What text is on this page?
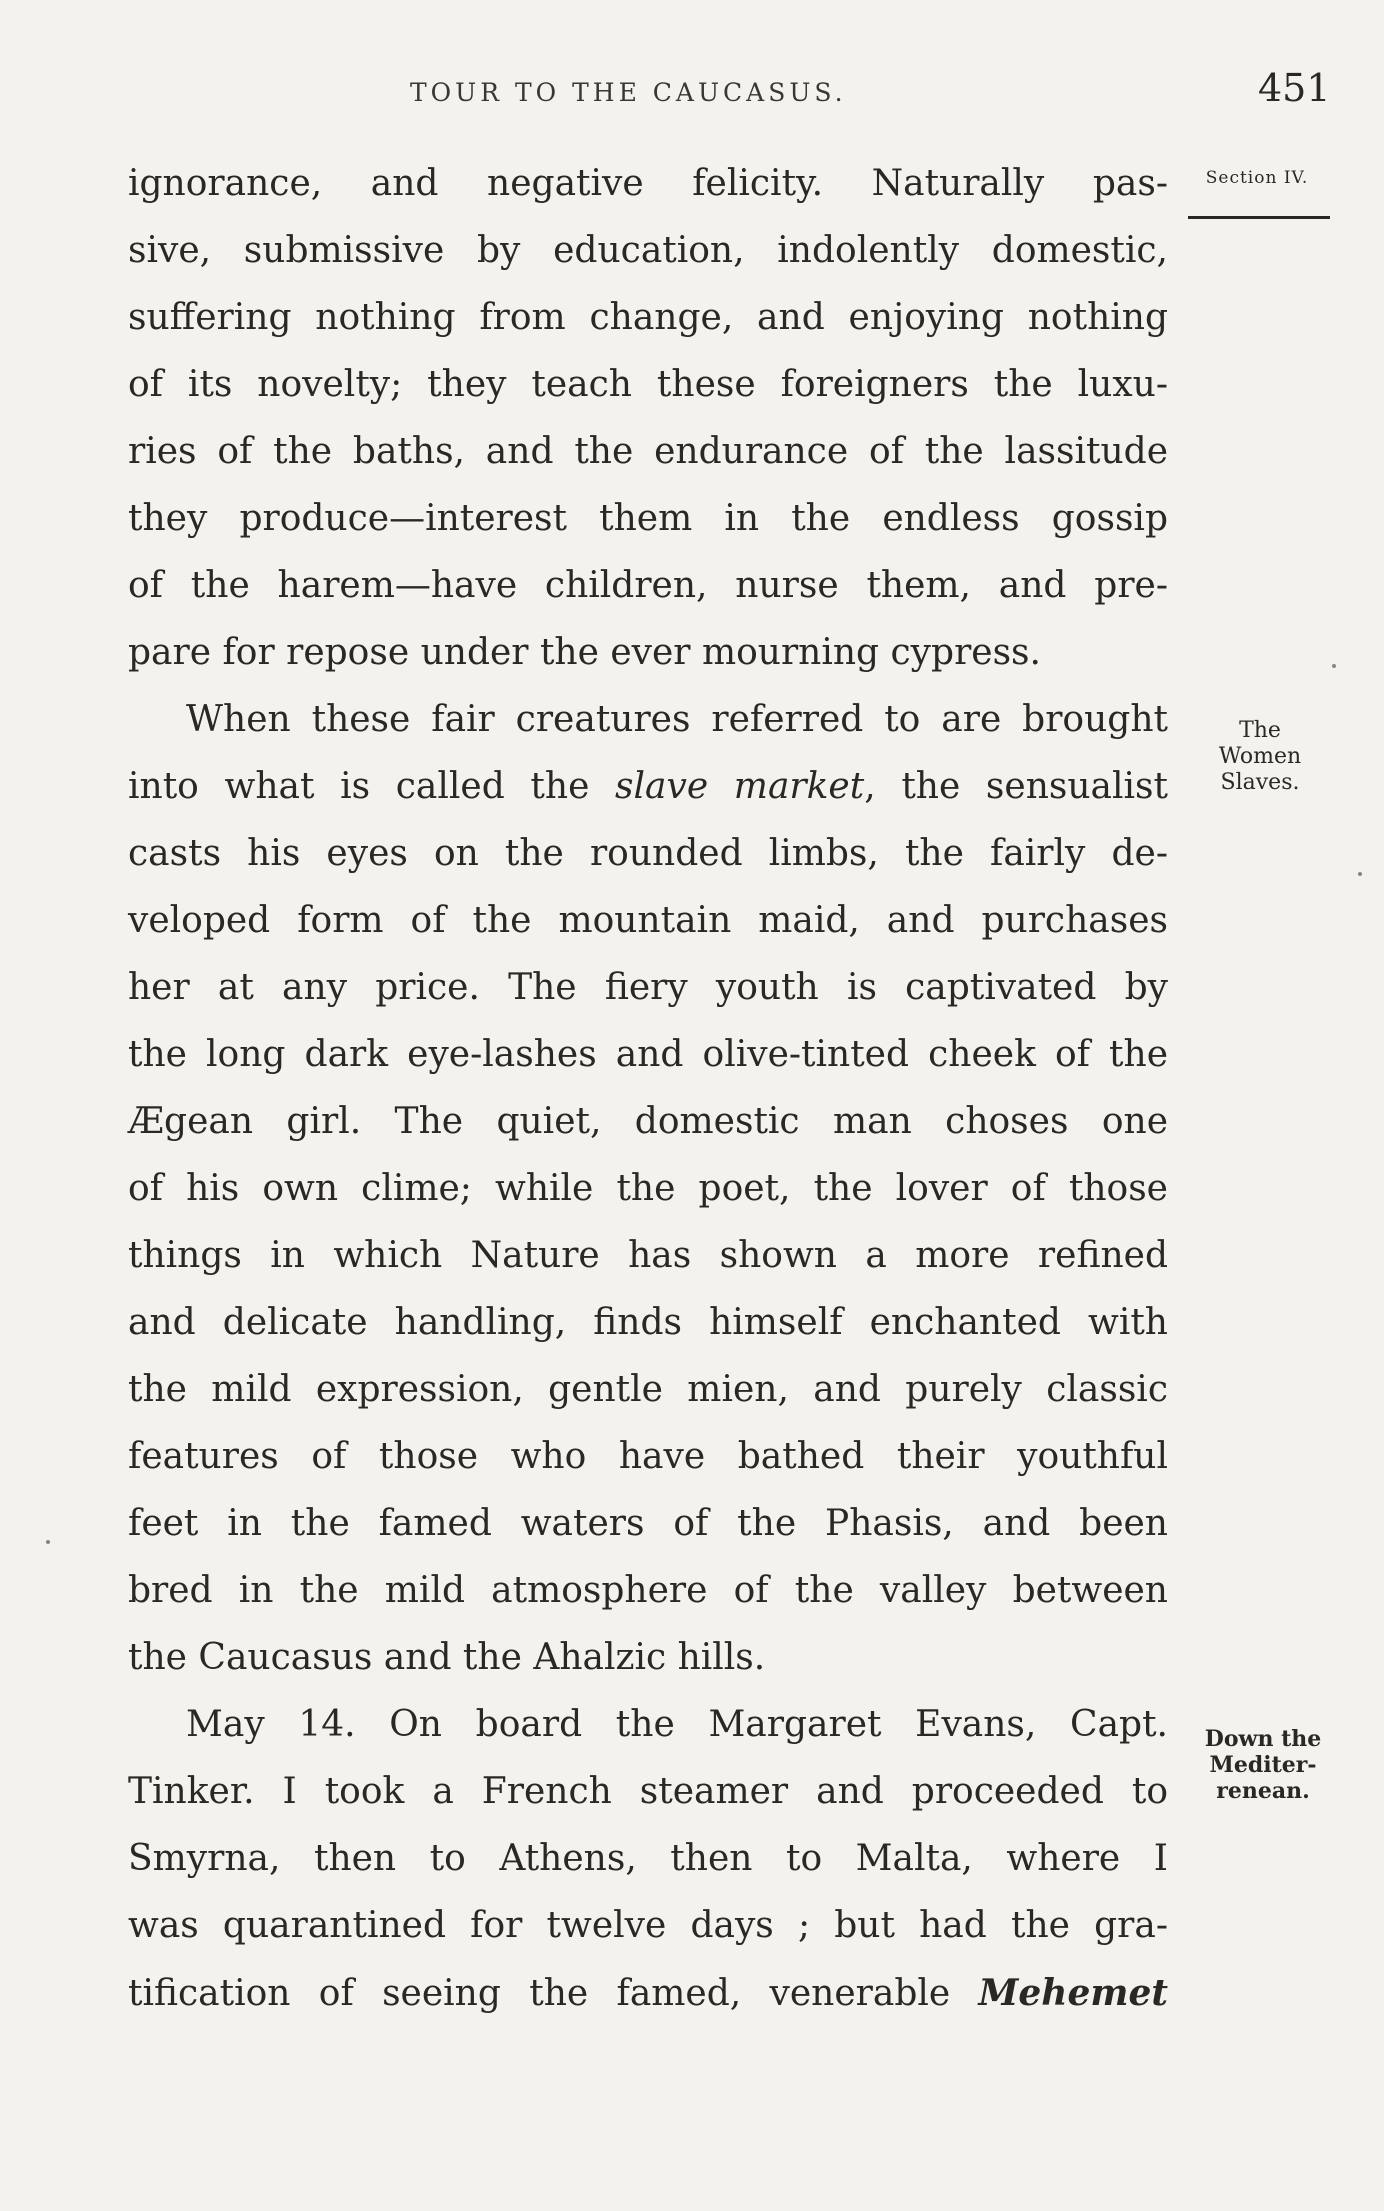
TOUR TO THE CAUCASUS.	451
Section IV.
The
Women
Slaves.
Down the
Mediter-
renean.
ignorance, and negative felicity. Naturally pas-
sive, submissive by education, indolently domestic,
suffering nothing from change, and enjoying nothing
of its novelty; they teach these foreigners the luxu-
ries of the baths, and the endurance of the lassitude
they produce—interest them in the endless gossip
of the harem—have children, nurse them, and pre-
pare for repose under the ever mourning cypress.
When these fair creatures referred to are brought
into what is called the slave market, the sensualist
casts his eyes on the rounded limbs, the fairly de-
veloped form of the mountain maid, and purchases
her at any price. The fiery youth is captivated by
the long dark eye-lashes and olive-tinted cheek of the
Ægean girl. The quiet, domestic man choses one
of his own clime; while the poet, the lover of those
things in which Nature has shown a more refined
and delicate handling, finds himself enchanted with
the mild expression, gentle mien, and purely classic
features of those who have bathed their youthful
feet in the famed waters of the Phasis, and been
bred in the mild atmosphere of the valley between
the Caucasus and the Ahalzic hills.
May 14. On board the Margaret Evans, Capt.
Tinker. I took a French steamer and proceeded to
Smyrna, then to Athens, then to Malta, where I
was quarantined for twelve days ; but had the gra-
tification of seeing the famed, venerable Mehemet
